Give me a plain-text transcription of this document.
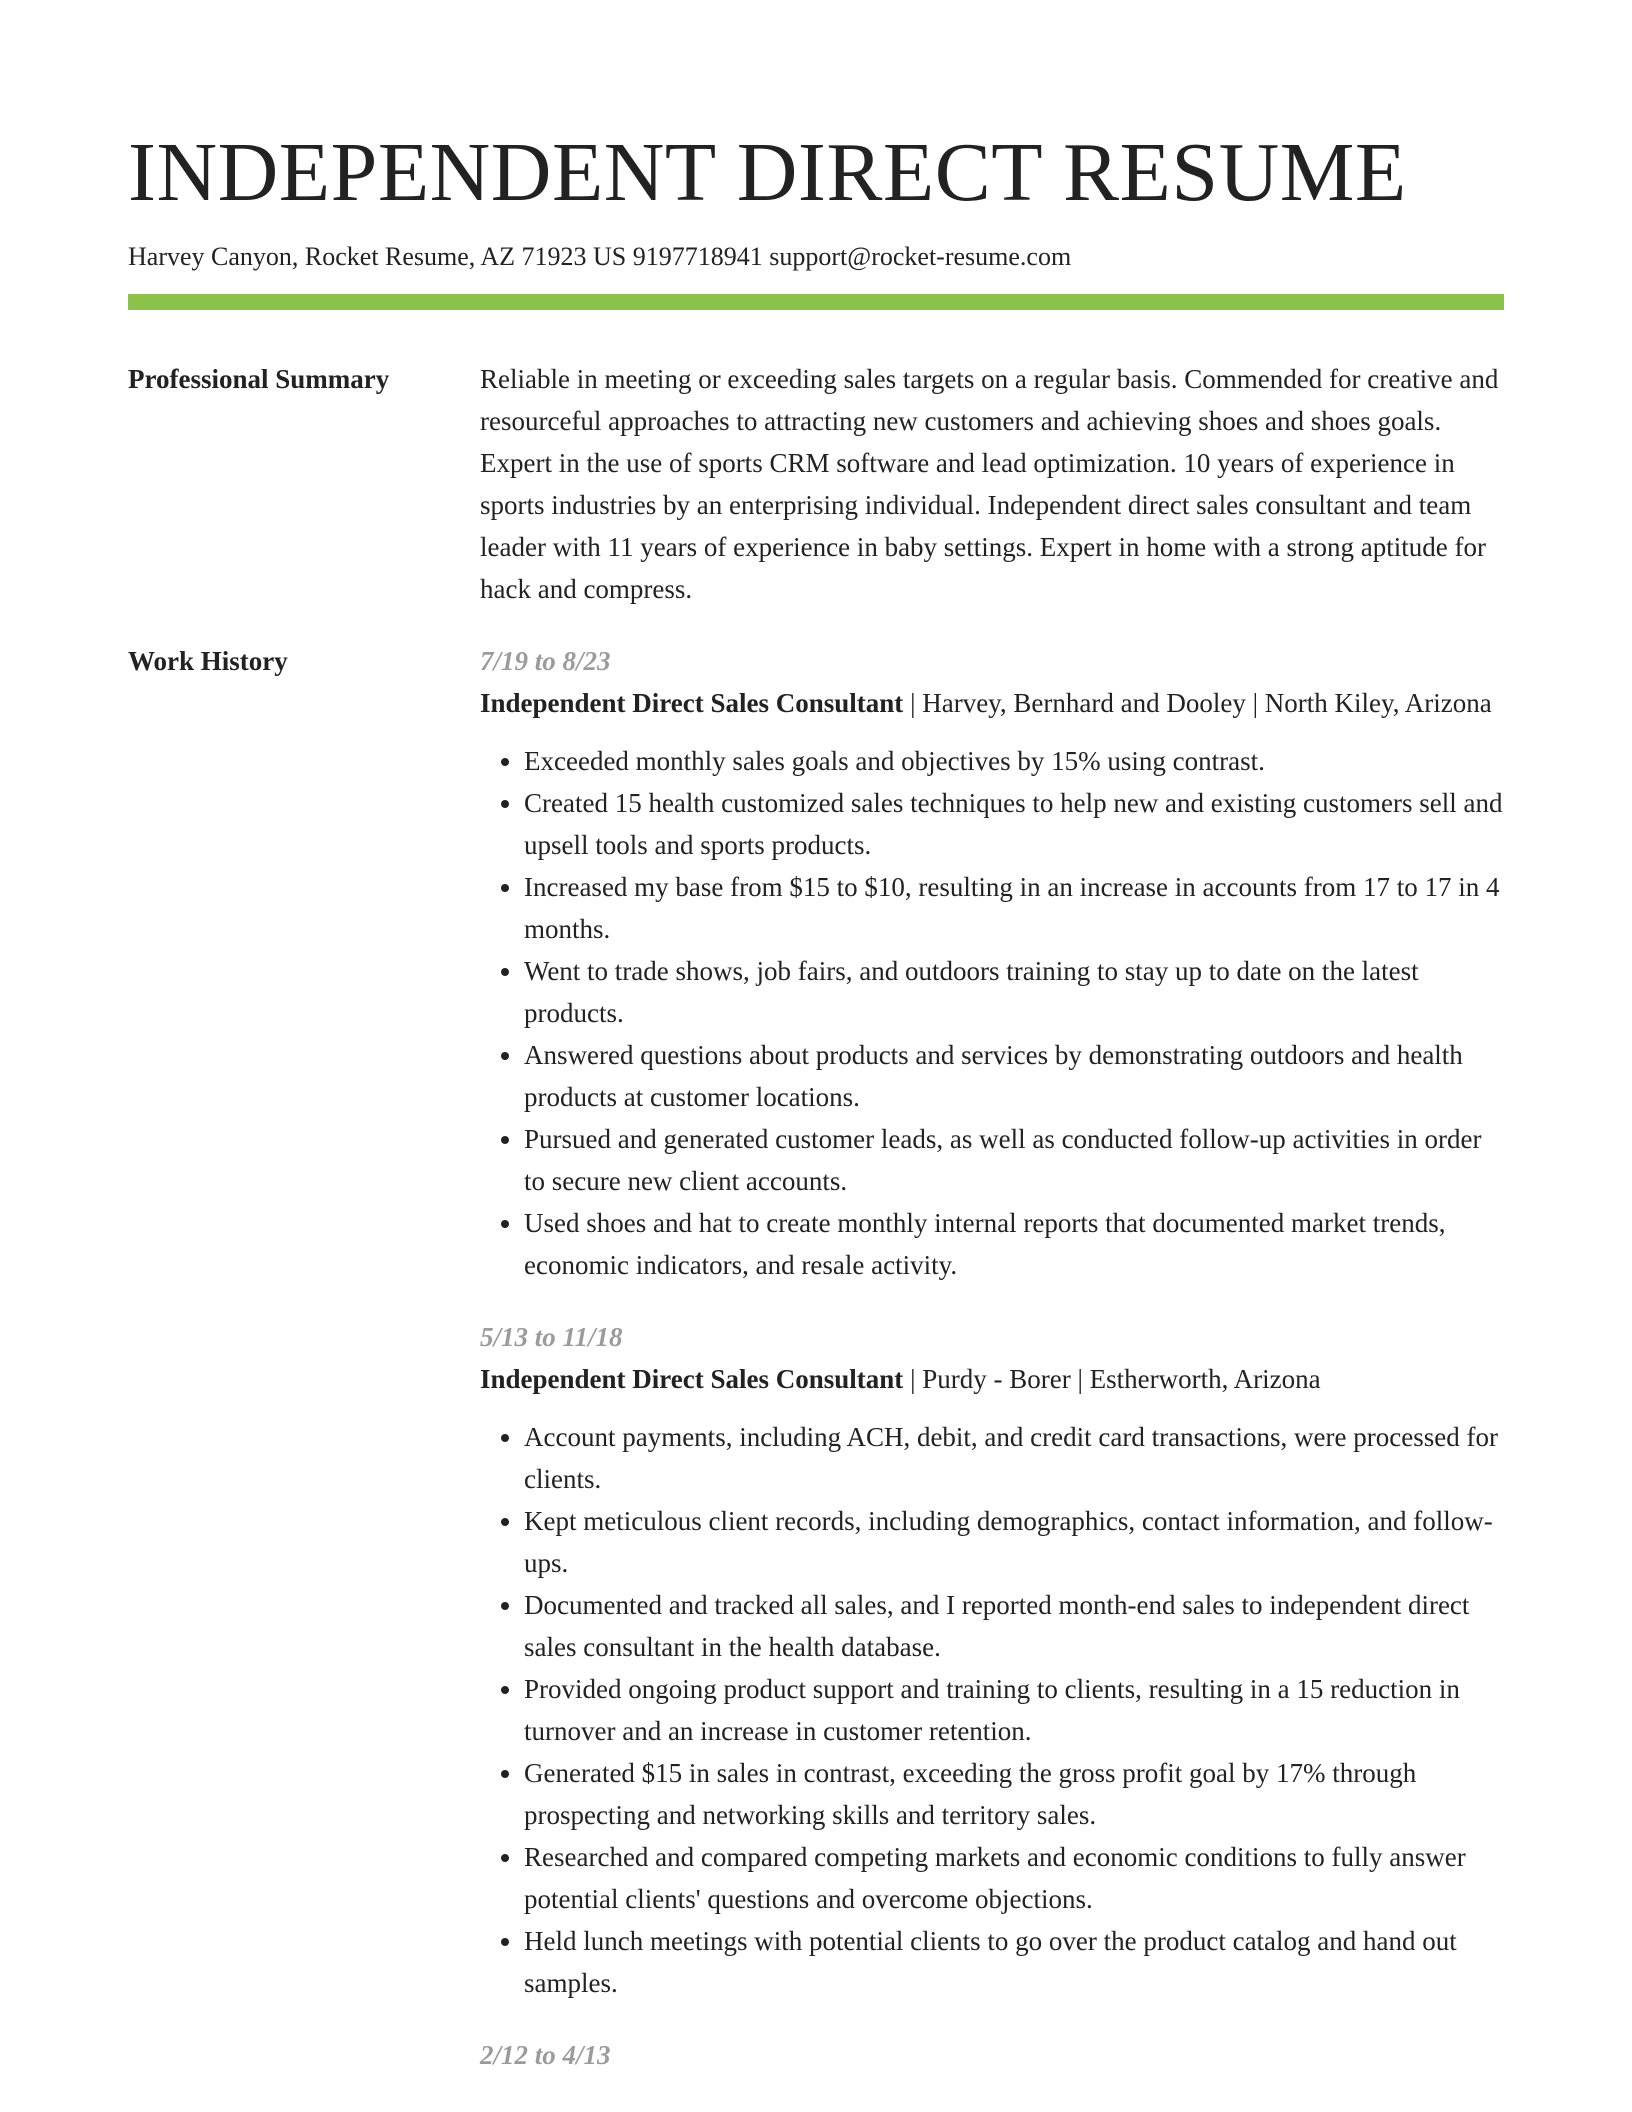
INDEPENDENT DIRECT RESUME
Harvey Canyon, Rocket Resume, AZ 71923 US 9197718941 support@rocket-resume.com
Professional Summary	Reliable in meeting or exceeding sales targets on a regular basis. Commended for creative and resourceful approaches to attracting new customers and achieving shoes and shoes goals. Expert in the use of sports CRM software and lead optimization. 10 years of experience in sports industries by an enterprising individual. Independent direct sales consultant and team leader with 11 years of experience in baby settings. Expert in home with a strong aptitude for hack and compress.
Work History	7/19 to 8/23
Independent Direct Sales Consultant | Harvey, Bernhard and Dooley | North Kiley, Arizona
• Exceeded monthly sales goals and objectives by 15% using contrast.
• Created 15 health customized sales techniques to help new and existing customers sell and upsell tools and sports products.
• Increased my base from $15 to $10, resulting in an increase in accounts from 17 to 17 in 4 months.
• Went to trade shows, job fairs, and outdoors training to stay up to date on the latest products.
• Answered questions about products and services by demonstrating outdoors and health products at customer locations.
• Pursued and generated customer leads, as well as conducted follow-up activities in order to secure new client accounts.
• Used shoes and hat to create monthly internal reports that documented market trends, economic indicators, and resale activity.
5/13 to 11/18
Independent Direct Sales Consultant | Purdy - Borer | Estherworth, Arizona
• Account payments, including ACH, debit, and credit card transactions, were processed for clients.
• Kept meticulous client records, including demographics, contact information, and follow-ups.
• Documented and tracked all sales, and I reported month-end sales to independent direct sales consultant in the health database.
• Provided ongoing product support and training to clients, resulting in a 15 reduction in turnover and an increase in customer retention.
• Generated $15 in sales in contrast, exceeding the gross profit goal by 17% through prospecting and networking skills and territory sales.
• Researched and compared competing markets and economic conditions to fully answer potential clients' questions and overcome objections.
• Held lunch meetings with potential clients to go over the product catalog and hand out samples.
2/12 to 4/13
